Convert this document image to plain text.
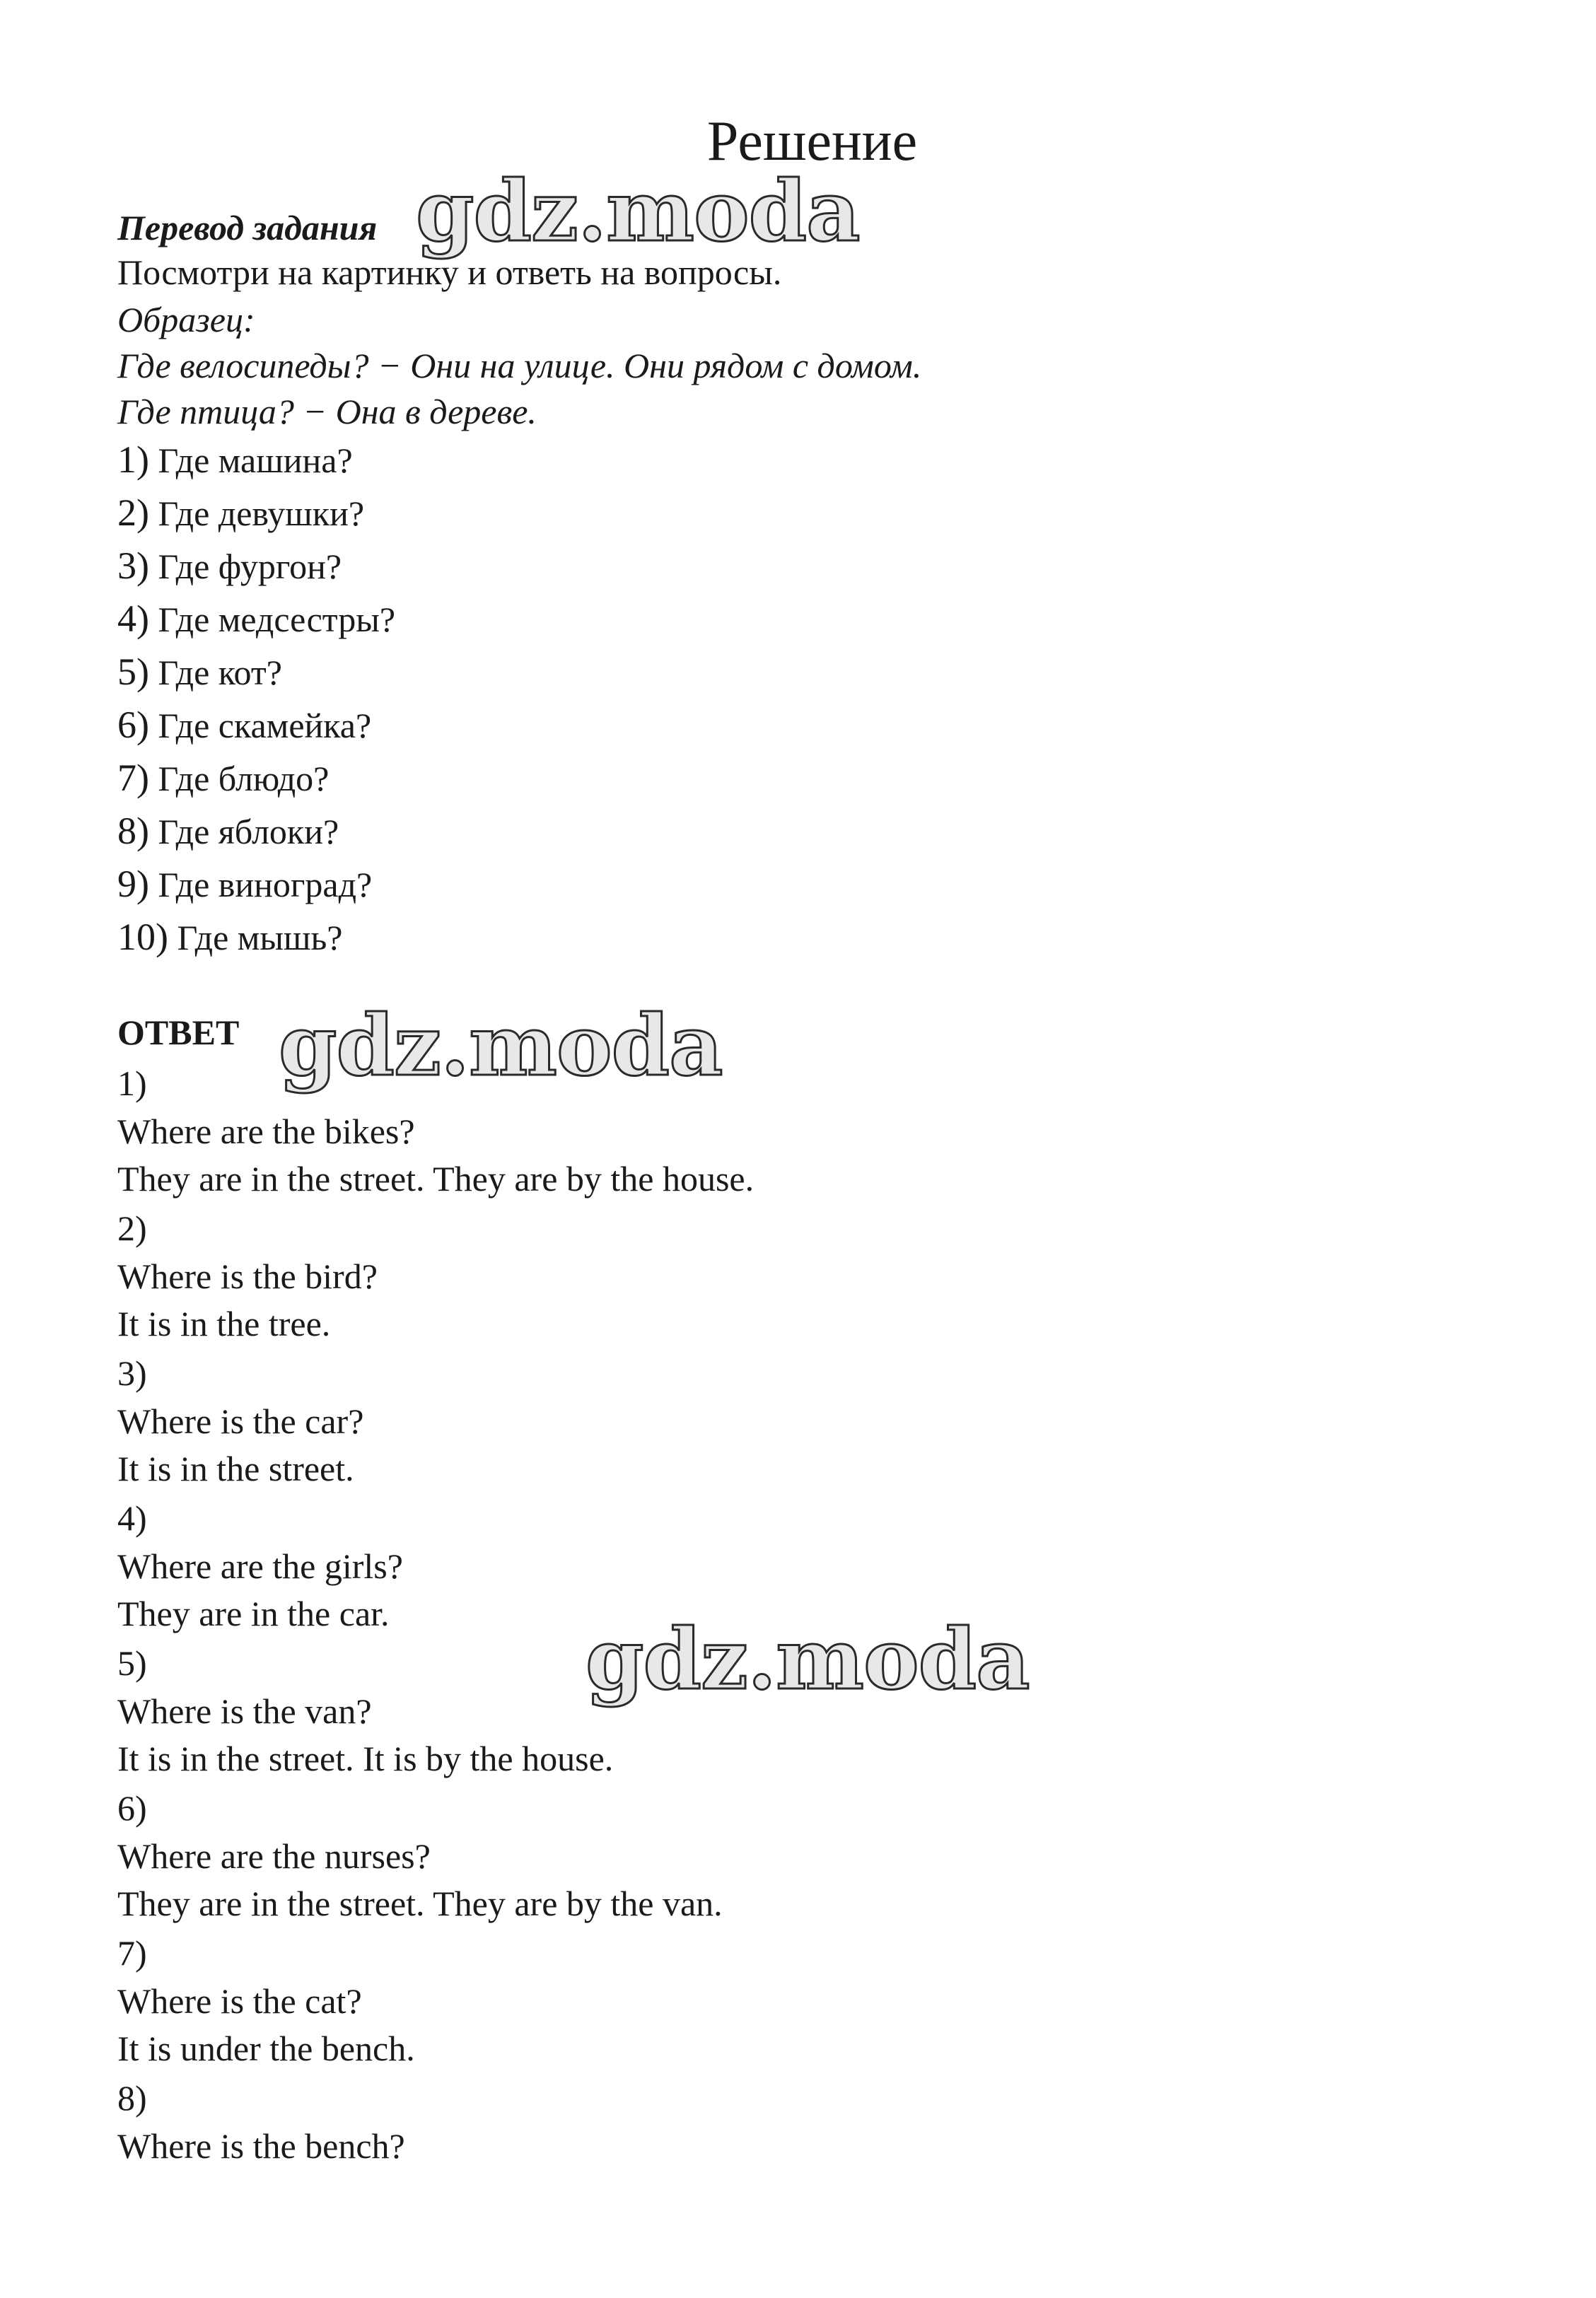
Решение
Перевод задания
Посмотри на картинку и ответь на вопросы.
Образец:
Где велосипеды? − Они на улице. Они рядом с домом.
Где птица? − Она в дереве.
1) Где машина?
2) Где девушки?
3) Где фургон?
4) Где медсестры?
5) Где кот?
6) Где скамейка?
7) Где блюдо?
8) Где яблоки?
9) Где виноград?
10) Где мышь?
ОТВЕТ
1)
Where are the bikes?
They are in the street. They are by the house.
2)
Where is the bird?
It is in the tree.
3)
Where is the car?
It is in the street.
4)
Where are the girls?
They are in the car.
5)
Where is the van?
It is in the street. It is by the house.
6)
Where are the nurses?
They are in the street. They are by the van.
7)
Where is the cat?
It is under the bench.
8)
Where is the bench?
gdz.moda
gdz.moda
gdz.moda
